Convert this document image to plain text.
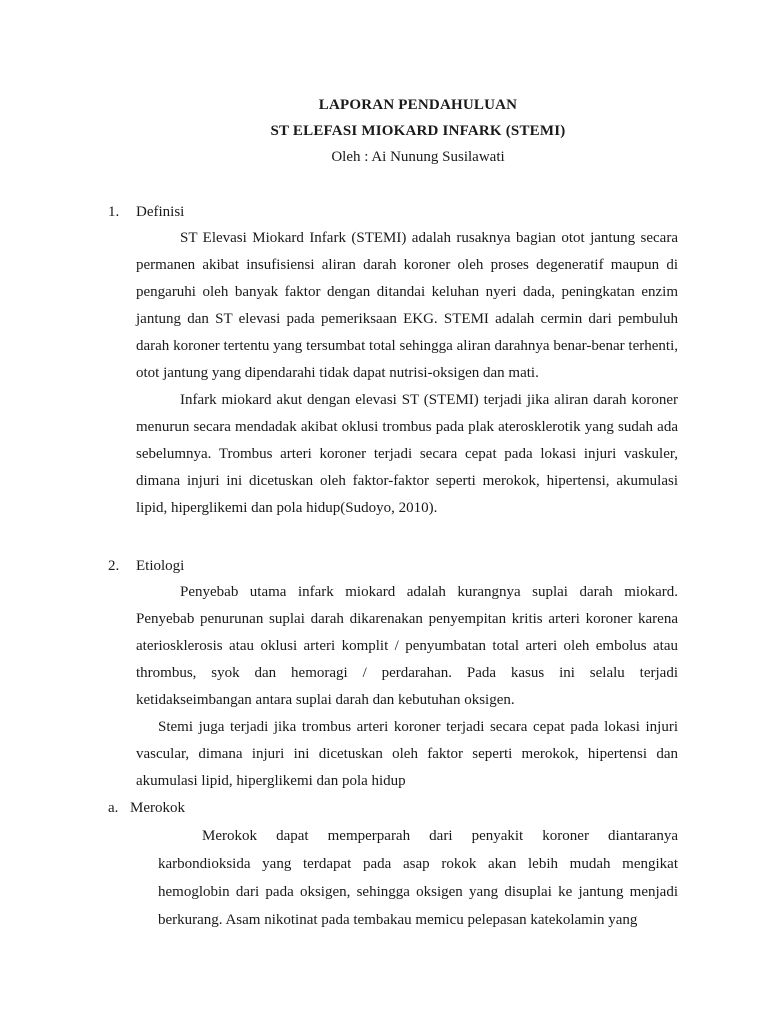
LAPORAN PENDAHULUAN
ST ELEFASI MIOKARD INFARK (STEMI)
Oleh : Ai Nunung Susilawati
1.	Definisi

ST Elevasi Miokard Infark (STEMI) adalah rusaknya bagian otot jantung secara permanen akibat insufisiensi aliran darah koroner oleh proses degeneratif maupun di pengaruhi oleh banyak faktor dengan ditandai keluhan nyeri dada, peningkatan enzim jantung dan ST elevasi pada pemeriksaan EKG. STEMI adalah cermin dari pembuluh darah koroner tertentu yang tersumbat total sehingga aliran darahnya benar-benar terhenti, otot jantung yang dipendarahi tidak dapat nutrisi-oksigen dan mati.

Infark miokard akut dengan elevasi ST (STEMI) terjadi jika aliran darah koroner menurun secara mendadak akibat oklusi trombus pada plak aterosklerotik yang sudah ada sebelumnya. Trombus arteri koroner terjadi secara cepat pada lokasi injuri vaskuler, dimana injuri ini dicetuskan oleh faktor-faktor seperti merokok, hipertensi, akumulasi lipid, hiperglikemi dan pola hidup(Sudoyo, 2010).

2.	Etiologi

Penyebab utama infark miokard adalah kurangnya suplai darah miokard. Penyebab penurunan suplai darah dikarenakan penyempitan kritis arteri koroner karena ateriosklerosis atau oklusi arteri komplit / penyumbatan total arteri oleh embolus atau thrombus, syok dan hemoragi / perdarahan. Pada kasus ini selalu terjadi ketidakseimbangan antara suplai darah dan kebutuhan oksigen.

Stemi juga terjadi jika trombus arteri koroner terjadi secara cepat pada lokasi injuri vascular, dimana injuri ini dicetuskan oleh faktor seperti merokok, hipertensi dan akumulasi lipid, hiperglikemi dan pola hidup

a. Merokok

Merokok dapat memperparah dari penyakit koroner diantaranya karbondioksida yang terdapat pada asap rokok akan lebih mudah mengikat hemoglobin dari pada oksigen, sehingga oksigen yang disuplai ke jantung menjadi berkurang. Asam nikotinat pada tembakau memicu pelepasan katekolamin yang
